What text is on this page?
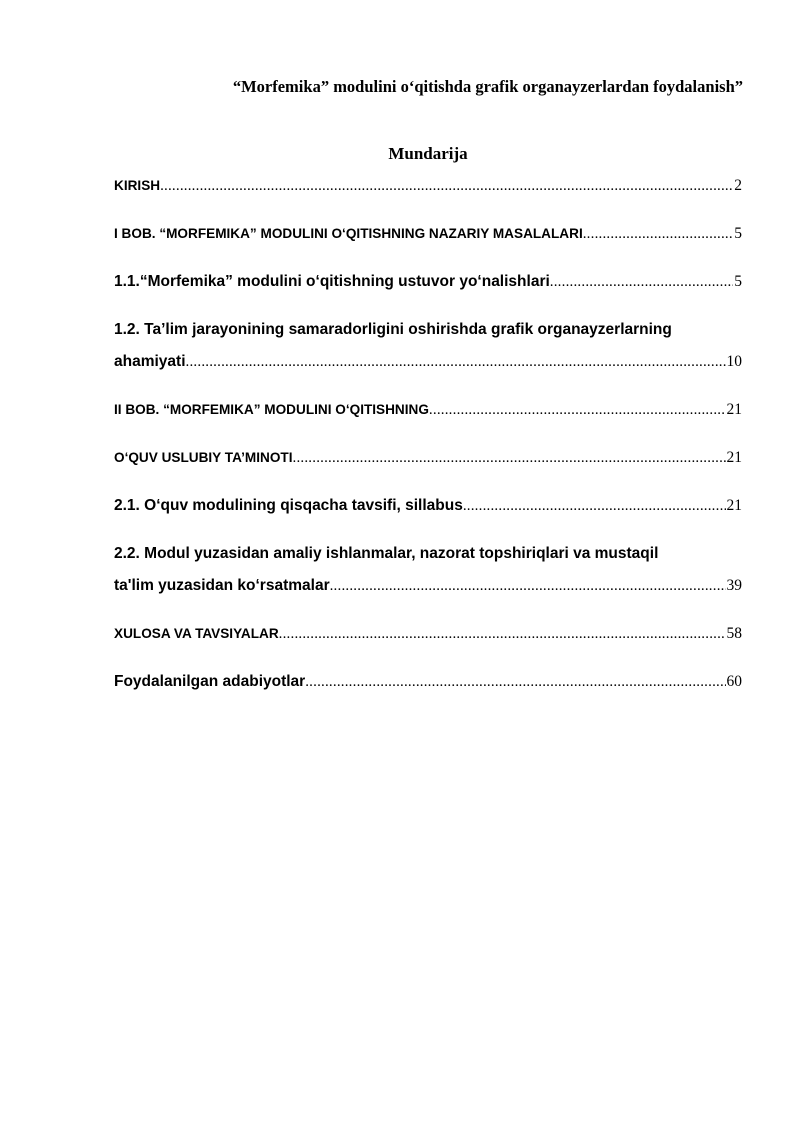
“Morfemika” modulini o‘qitishda grafik organayzerlardan foydalanish”
Mundarija
KIRISH .....	2
I BOB. “MORFEMIKA” MODULINI O‘QITISHNING NAZARIY MASALALARI .....	5
1.1.“Morfemika” modulini o‘qitishning ustuvor yo‘nalishlari .....	5
1.2. Ta’lim jarayonining samaradorligini oshirishda grafik organayzerlarning
ahamiyati .....	10
II BOB. “MORFEMIKA” MODULINI O‘QITISHNING .....	21
O‘QUV USLUBIY TA’MINOTI .....	21
2.1. O‘quv modulining qisqacha tavsifi, sillabus .....	21
2.2. Modul yuzasidan amaliy ishlanmalar, nazorat topshiriqlari va mustaqil
ta'lim yuzasidan ko‘rsatmalar .....	39
XULOSA VA TAVSIYALAR .....	58
Foydalanilgan adabiyotlar .....	60
